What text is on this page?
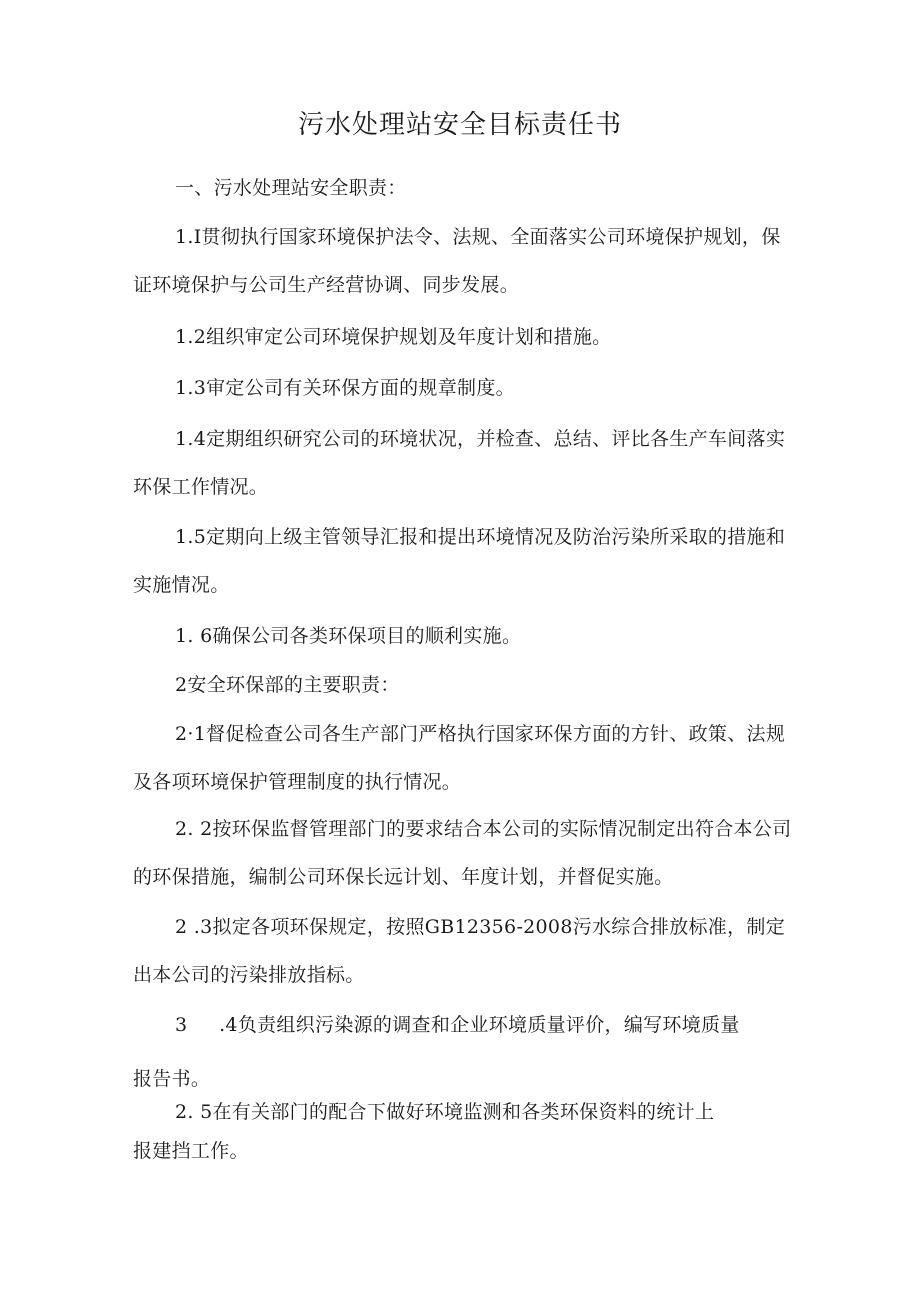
污水处理站安全目标责任书
一、污水处理站安全职责：
1.I贯彻执行国家环境保护法令、法规、全面落实公司环境保护规划，保证环境保护与公司生产经营协调、同步发展。
1.2组织审定公司环境保护规划及年度计划和措施。
1.3审定公司有关环保方面的规章制度。
1.4定期组织研究公司的环境状况，并检查、总结、评比各生产车间落实环保工作情况。
1.5定期向上级主管领导汇报和提出环境情况及防治污染所采取的措施和实施情况。
1. 6确保公司各类环保项目的顺利实施。
2安全环保部的主要职责：
2·1督促检查公司各生产部门严格执行国家环保方面的方针、政策、法规及各项环境保护管理制度的执行情况。
2. 2按环保监督管理部门的要求结合本公司的实际情况制定出符合本公司的环保措施，编制公司环保长远计划、年度计划，并督促实施。
2 .3拟定各项环保规定，按照GB12356-2008污水综合排放标准，制定出本公司的污染排放指标。
3     .4负责组织污染源的调查和企业环境质量评价，编写环境质量
报告书。
2. 5在有关部门的配合下做好环境监测和各类环保资料的统计上
报建挡工作。
